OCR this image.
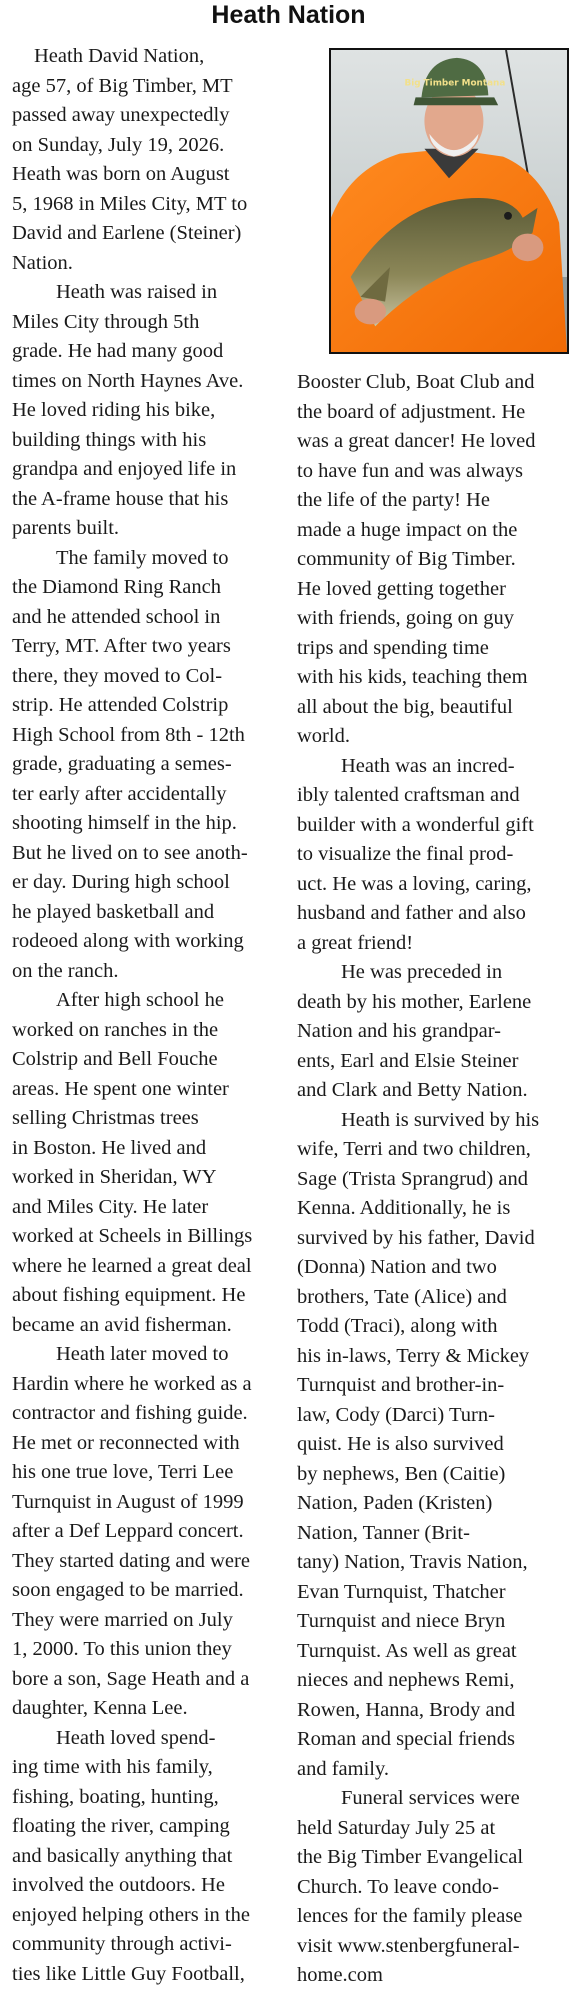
Heath Nation
Big Timber Montana
Heath David Nation,
age 57, of Big Timber, MT
passed away unexpectedly
on Sunday, July 19, 2026.
Heath was born on August
5, 1968 in Miles City, MT to
David and Earlene (Steiner)
Nation.
Heath was raised in
Miles City through 5th
grade. He had many good
times on North Haynes Ave.
He loved riding his bike,
building things with his
grandpa and enjoyed life in
the A-frame house that his
parents built.
The family moved to
the Diamond Ring Ranch
and he attended school in
Terry, MT. After two years
there, they moved to Col-
strip. He attended Colstrip
High School from 8th - 12th
grade, graduating a semes-
ter early after accidentally
shooting himself in the hip.
But he lived on to see anoth-
er day. During high school
he played basketball and
rodeoed along with working
on the ranch.
After high school he
worked on ranches in the
Colstrip and Bell Fouche
areas. He spent one winter
selling Christmas trees
in Boston. He lived and
worked in Sheridan, WY
and Miles City. He later
worked at Scheels in Billings
where he learned a great deal
about fishing equipment. He
became an avid fisherman.
Heath later moved to
Hardin where he worked as a
contractor and fishing guide.
He met or reconnected with
his one true love, Terri Lee
Turnquist in August of 1999
after a Def Leppard concert.
They started dating and were
soon engaged to be married.
They were married on July
1, 2000. To this union they
bore a son, Sage Heath and a
daughter, Kenna Lee.
Heath loved spend-
ing time with his family,
fishing, boating, hunting,
floating the river, camping
and basically anything that
involved the outdoors. He
enjoyed helping others in the
community through activi-
ties like Little Guy Football,
Booster Club, Boat Club and
the board of adjustment. He
was a great dancer! He loved
to have fun and was always
the life of the party! He
made a huge impact on the
community of Big Timber.
He loved getting together
with friends, going on guy
trips and spending time
with his kids, teaching them
all about the big, beautiful
world.
Heath was an incred-
ibly talented craftsman and
builder with a wonderful gift
to visualize the final prod-
uct. He was a loving, caring,
husband and father and also
a great friend!
He was preceded in
death by his mother, Earlene
Nation and his grandpar-
ents, Earl and Elsie Steiner
and Clark and Betty Nation.
Heath is survived by his
wife, Terri and two children,
Sage (Trista Sprangrud) and
Kenna. Additionally, he is
survived by his father, David
(Donna) Nation and two
brothers, Tate (Alice) and
Todd (Traci), along with
his in-laws, Terry & Mickey
Turnquist and brother-in-
law, Cody (Darci) Turn-
quist. He is also survived
by nephews, Ben (Caitie)
Nation, Paden (Kristen)
Nation, Tanner (Brit-
tany) Nation, Travis Nation,
Evan Turnquist, Thatcher
Turnquist and niece Bryn
Turnquist. As well as great
nieces and nephews Remi,
Rowen, Hanna, Brody and
Roman and special friends
and family.
Funeral services were
held Saturday July 25 at
the Big Timber Evangelical
Church. To leave condo-
lences for the family please
visit www.stenbergfuneral-
home.com
